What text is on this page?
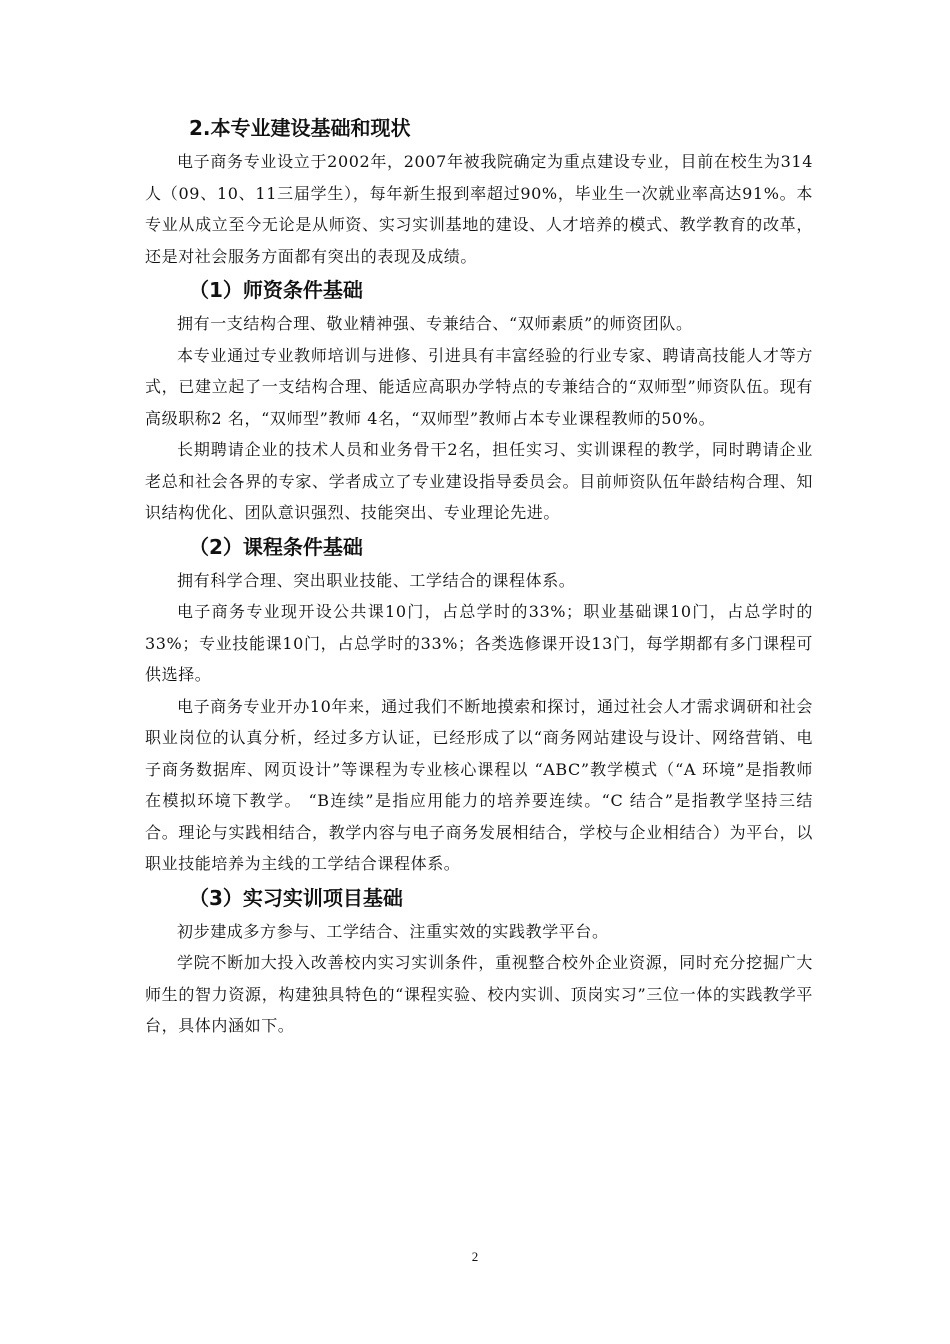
2.本专业建设基础和现状

电子商务专业设立于2002年，2007年被我院确定为重点建设专业，目前在校生为314人（09、10、11三届学生），每年新生报到率超过90%，毕业生一次就业率高达91%。本专业从成立至今无论是从师资、实习实训基地的建设、人才培养的模式、教学教育的改革，还是对社会服务方面都有突出的表现及成绩。

（1）师资条件基础

拥有一支结构合理、敬业精神强、专兼结合、“双师素质”的师资团队。

本专业通过专业教师培训与进修、引进具有丰富经验的行业专家、聘请高技能人才等方式，已建立起了一支结构合理、能适应高职办学特点的专兼结合的“双师型”师资队伍。现有高级职称2 名，“双师型”教师 4名，“双师型”教师占本专业课程教师的50%。

长期聘请企业的技术人员和业务骨干2名，担任实习、实训课程的教学，同时聘请企业老总和社会各界的专家、学者成立了专业建设指导委员会。目前师资队伍年龄结构合理、知识结构优化、团队意识强烈、技能突出、专业理论先进。

（2）课程条件基础

拥有科学合理、突出职业技能、工学结合的课程体系。

电子商务专业现开设公共课10门，占总学时的33%；职业基础课10门，占总学时的33%；专业技能课10门，占总学时的33%；各类选修课开设13门，每学期都有多门课程可供选择。

电子商务专业开办10年来，通过我们不断地摸索和探讨，通过社会人才需求调研和社会职业岗位的认真分析，经过多方认证，已经形成了以“商务网站建设与设计、网络营销、电子商务数据库、网页设计”等课程为专业核心课程以 “ABC”教学模式（“A 环境”是指教师在模拟环境下教学。 “B连续”是指应用能力的培养要连续。“C 结合”是指教学坚持三结合。理论与实践相结合，教学内容与电子商务发展相结合，学校与企业相结合）为平台，以职业技能培养为主线的工学结合课程体系。

（3）实习实训项目基础

初步建成多方参与、工学结合、注重实效的实践教学平台。

学院不断加大投入改善校内实习实训条件，重视整合校外企业资源，同时充分挖掘广大师生的智力资源，构建独具特色的“课程实验、校内实训、顶岗实习”三位一体的实践教学平台，具体内涵如下。

2
